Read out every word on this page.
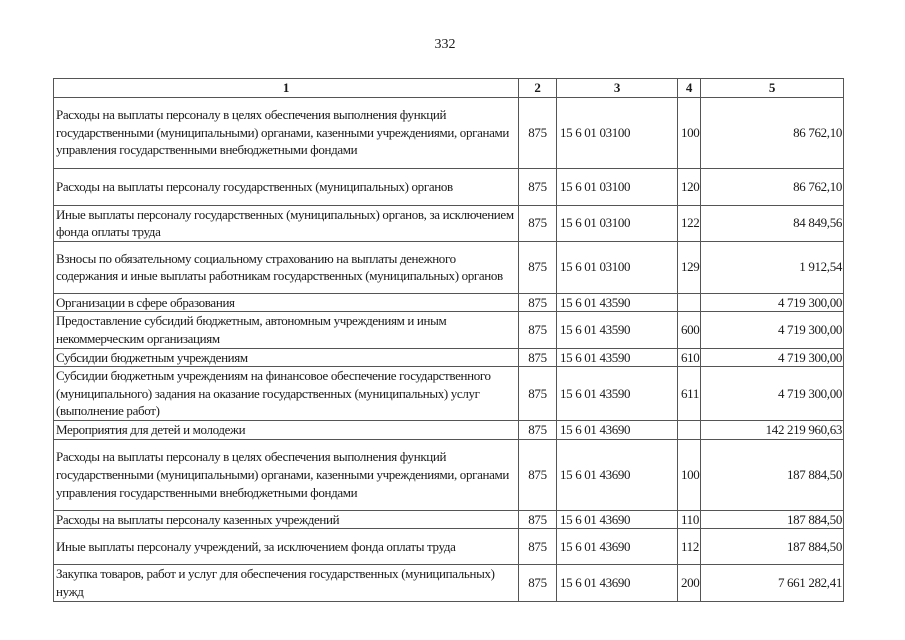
332
1	2	3	4	5
Расходы на выплаты персоналу в целях обеспечения выполнения функций государственными (муниципальными) органами, казенными учреждениями, органами управления государственными внебюджетными фондами	875	15 6 01 03100	100	86 762,10
Расходы на выплаты персоналу государственных (муниципальных) органов	875	15 6 01 03100	120	86 762,10
Иные выплаты персоналу государственных (муниципальных) органов, за исключением фонда оплаты труда	875	15 6 01 03100	122	84 849,56
Взносы по обязательному социальному страхованию на выплаты денежного содержания и иные выплаты работникам государственных (муниципальных) органов	875	15 6 01 03100	129	1 912,54
Организации в сфере образования	875	15 6 01 43590		4 719 300,00
Предоставление субсидий бюджетным, автономным учреждениям и иным некоммерческим организациям	875	15 6 01 43590	600	4 719 300,00
Субсидии бюджетным учреждениям	875	15 6 01 43590	610	4 719 300,00
Субсидии бюджетным учреждениям на финансовое обеспечение государственного (муниципального) задания на оказание государственных (муниципальных) услуг (выполнение работ)	875	15 6 01 43590	611	4 719 300,00
Мероприятия для детей и молодежи	875	15 6 01 43690		142 219 960,63
Расходы на выплаты персоналу в целях обеспечения выполнения функций государственными (муниципальными) органами, казенными учреждениями, органами управления государственными внебюджетными фондами	875	15 6 01 43690	100	187 884,50
Расходы на выплаты персоналу казенных учреждений	875	15 6 01 43690	110	187 884,50
Иные выплаты персоналу учреждений, за исключением фонда оплаты труда	875	15 6 01 43690	112	187 884,50
Закупка товаров, работ и услуг для обеспечения государственных (муниципальных) нужд	875	15 6 01 43690	200	7 661 282,41
